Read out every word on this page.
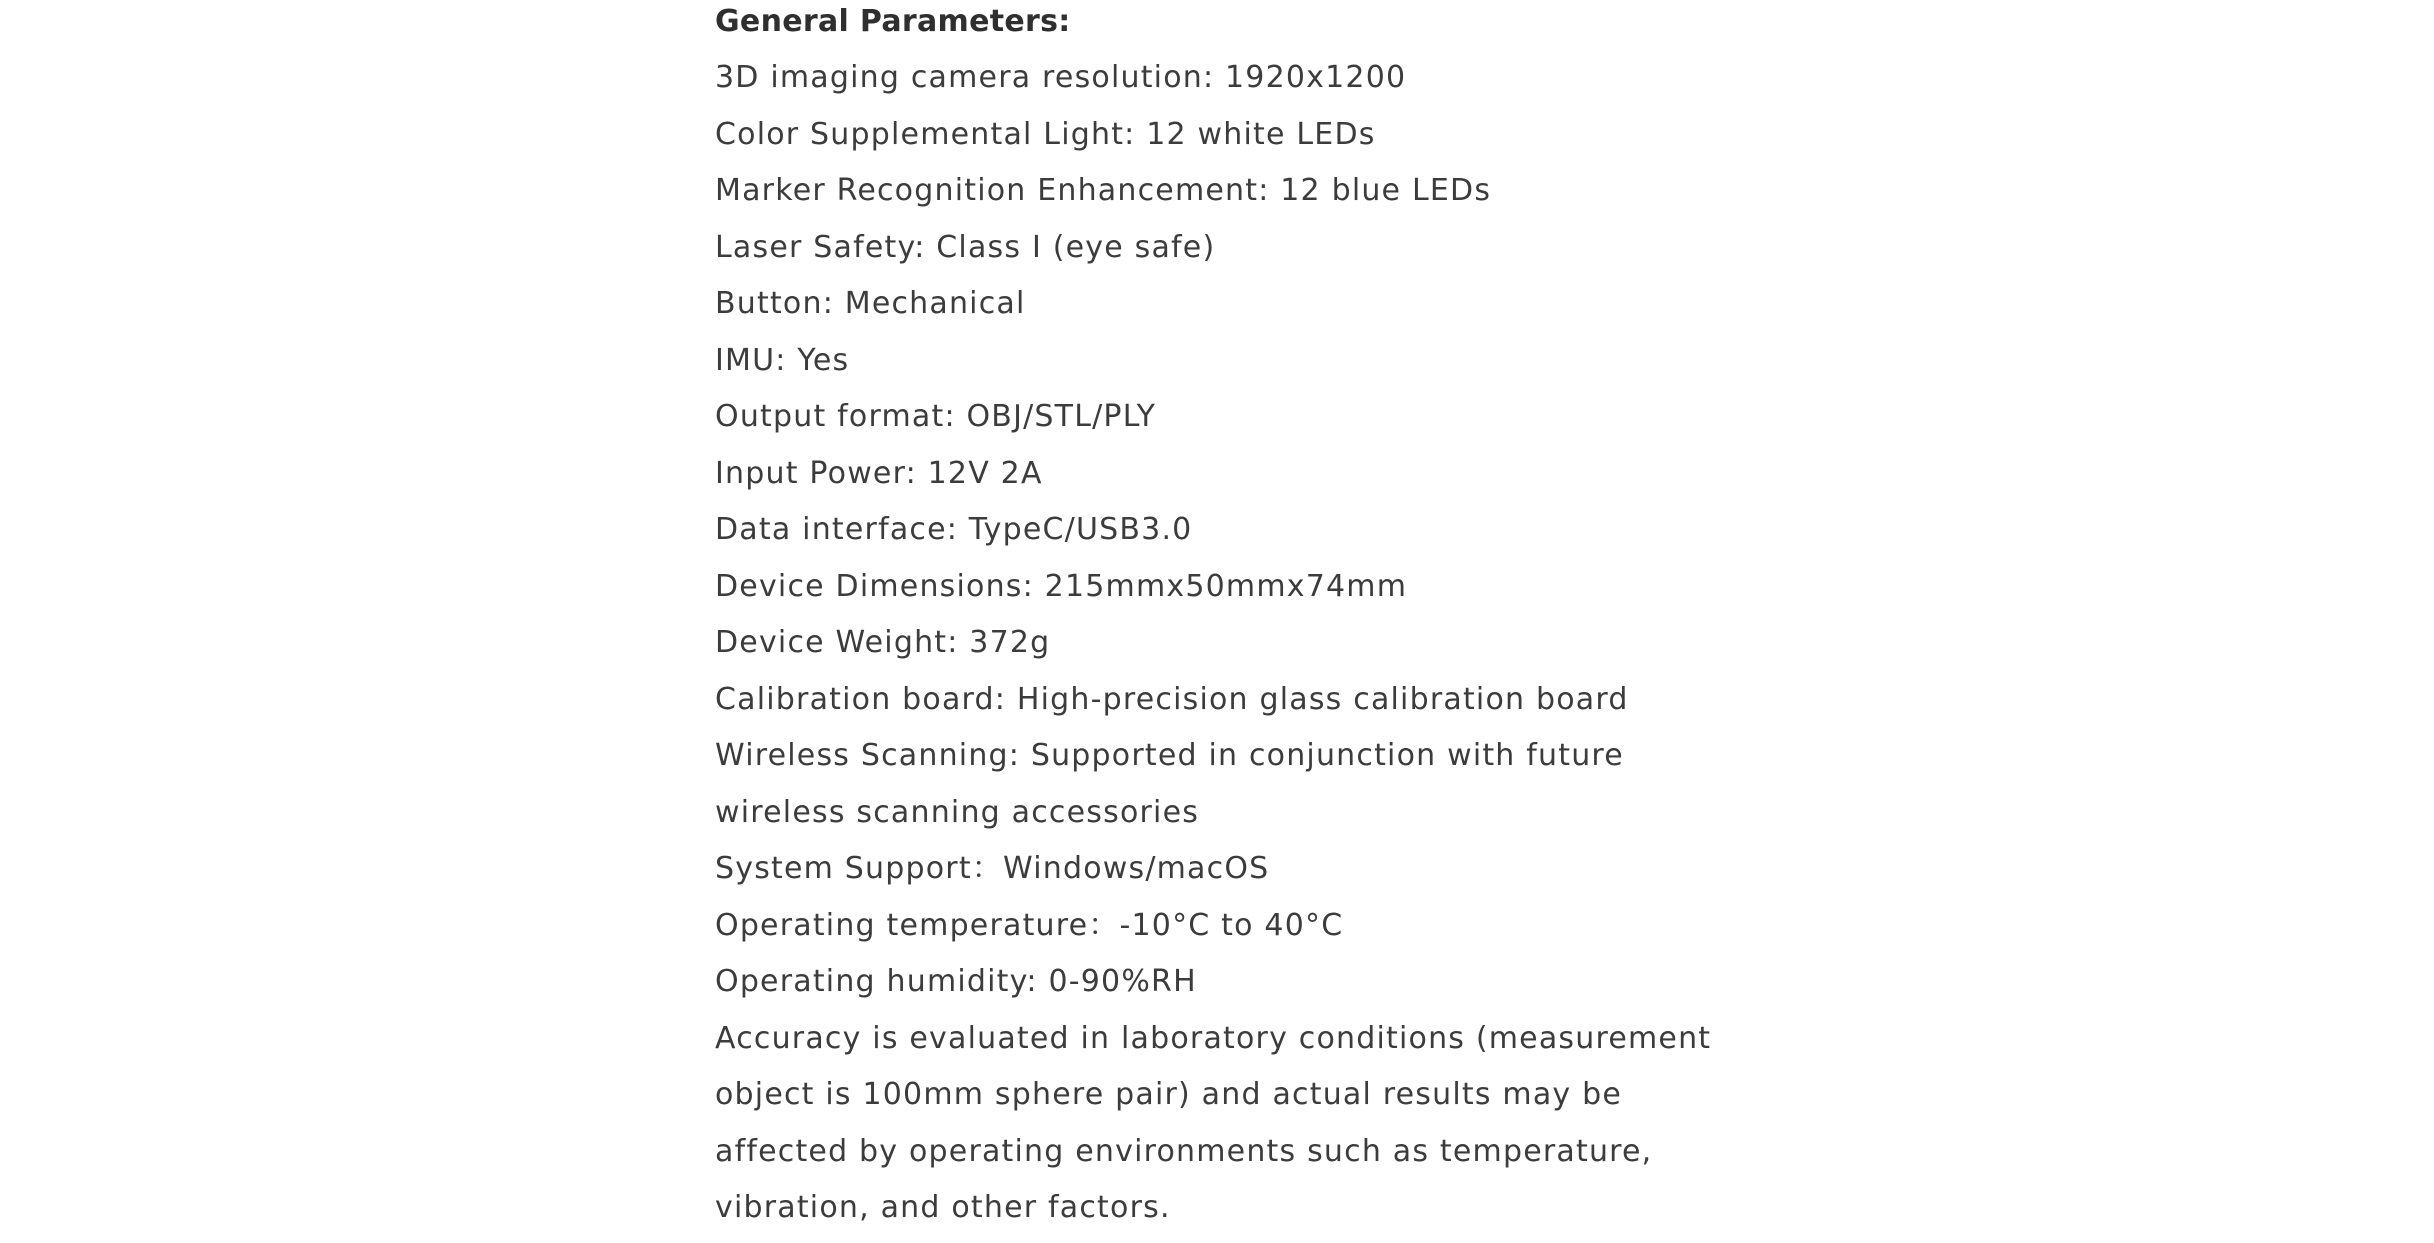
General Parameters:
3D imaging camera resolution: 1920x1200
Color Supplemental Light: 12 white LEDs
Marker Recognition Enhancement: 12 blue LEDs
Laser Safety: Class I (eye safe)
Button: Mechanical
IMU: Yes
Output format: OBJ/STL/PLY
Input Power: 12V 2A
Data interface: TypeC/USB3.0
Device Dimensions: 215mmx50mmx74mm
Device Weight: 372g
Calibration board: High-precision glass calibration board
Wireless Scanning: Supported in conjunction with future wireless scanning accessories
System Support：Windows/macOS
Operating temperature：-10°C to 40°C
Operating humidity: 0-90%RH
Accuracy is evaluated in laboratory conditions (measurement object is 100mm sphere pair) and actual results may be affected by operating environments such as temperature, vibration, and other factors.
